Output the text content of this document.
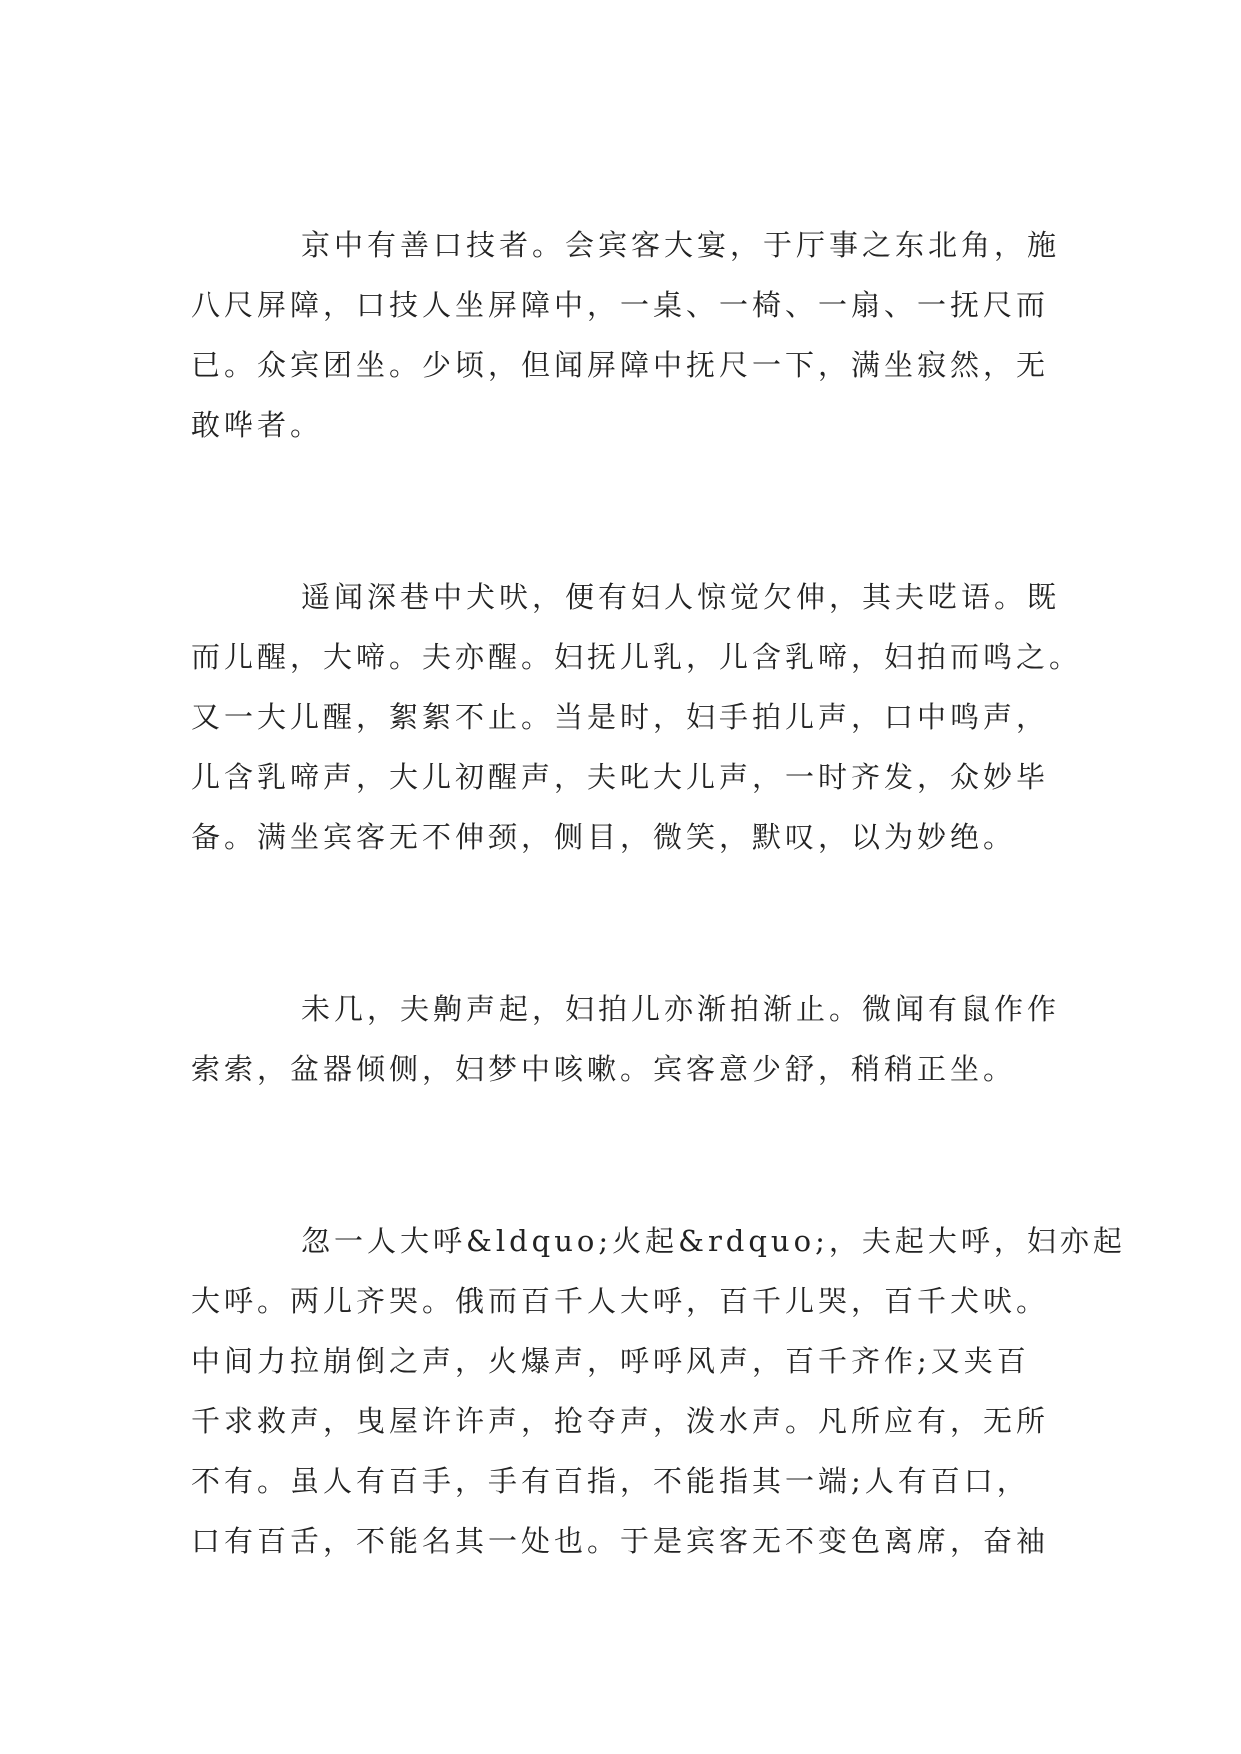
京中有善口技者。会宾客大宴，于厅事之东北角，施
八尺屏障，口技人坐屏障中，一桌、一椅、一扇、一抚尺而
已。众宾团坐。少顷，但闻屏障中抚尺一下，满坐寂然，无
敢哗者。
遥闻深巷中犬吠，便有妇人惊觉欠伸，其夫呓语。既
而儿醒，大啼。夫亦醒。妇抚儿乳，儿含乳啼，妇拍而鸣之。
又一大儿醒，絮絮不止。当是时，妇手拍儿声，口中鸣声，
儿含乳啼声，大儿初醒声，夫叱大儿声，一时齐发，众妙毕
备。满坐宾客无不伸颈，侧目，微笑，默叹，以为妙绝。
未几，夫齁声起，妇拍儿亦渐拍渐止。微闻有鼠作作
索索，盆器倾侧，妇梦中咳嗽。宾客意少舒，稍稍正坐。
忽一人大呼&ldquo;火起&rdquo;，夫起大呼，妇亦起
大呼。两儿齐哭。俄而百千人大呼，百千儿哭，百千犬吠。
中间力拉崩倒之声，火爆声，呼呼风声，百千齐作;又夹百
千求救声，曳屋许许声，抢夺声，泼水声。凡所应有，无所
不有。虽人有百手，手有百指，不能指其一端;人有百口，
口有百舌，不能名其一处也。于是宾客无不变色离席，奋袖
